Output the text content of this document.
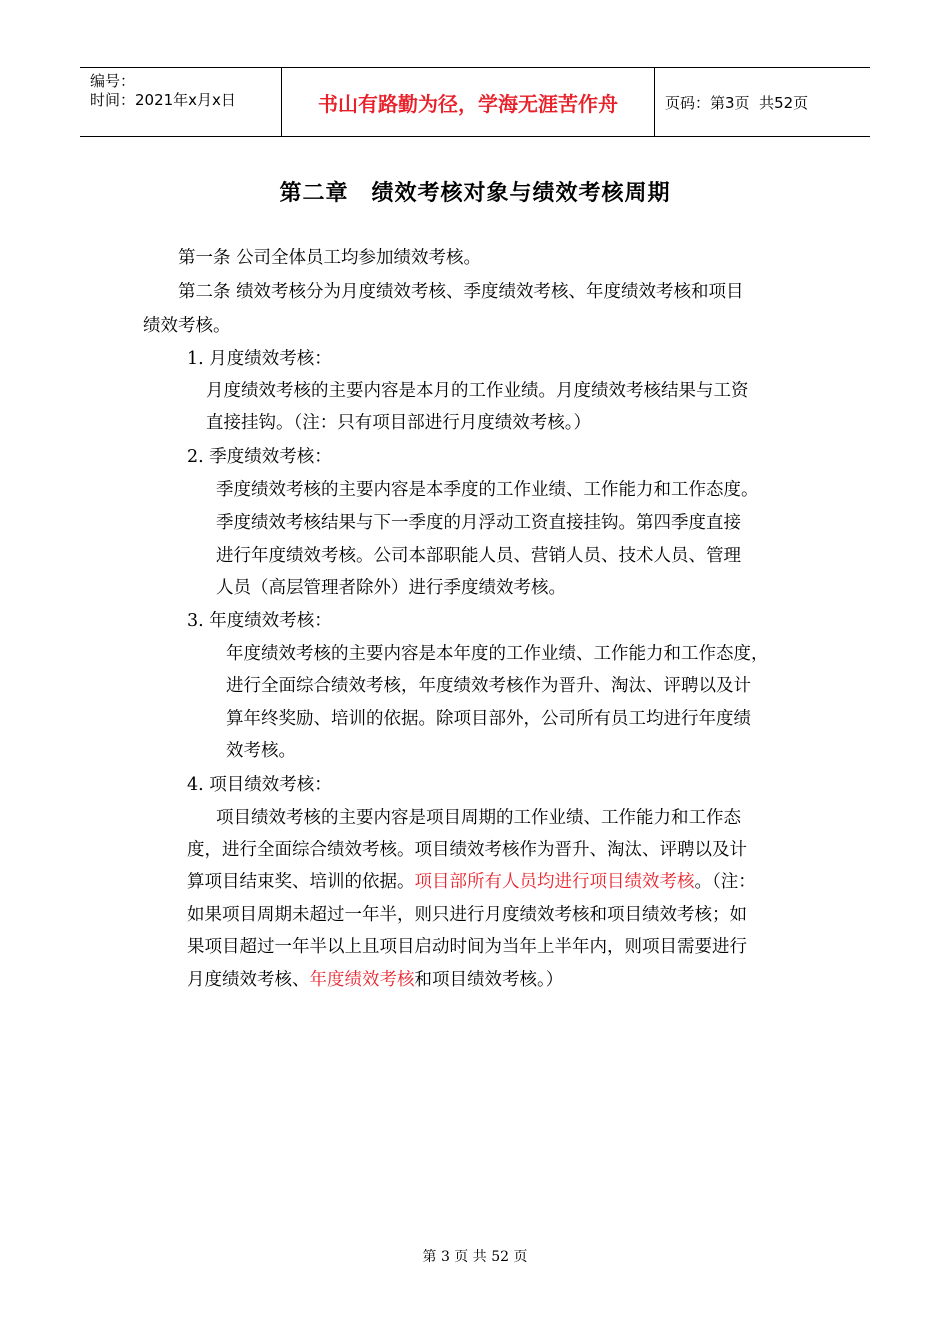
编号：
时间：2021年x月x日	书山有路勤为径，学海无涯苦作舟	页码：第3页  共52页
第二章　绩效考核对象与绩效考核周期
第一条 公司全体员工均参加绩效考核。
第二条 绩效考核分为月度绩效考核、季度绩效考核、年度绩效考核和项目
绩效考核。
1. 月度绩效考核：
月度绩效考核的主要内容是本月的工作业绩。月度绩效考核结果与工资
直接挂钩。（注：只有项目部进行月度绩效考核。）
2. 季度绩效考核：
季度绩效考核的主要内容是本季度的工作业绩、工作能力和工作态度。
季度绩效考核结果与下一季度的月浮动工资直接挂钩。第四季度直接
进行年度绩效考核。公司本部职能人员、营销人员、技术人员、管理
人员（高层管理者除外）进行季度绩效考核。
3. 年度绩效考核：
年度绩效考核的主要内容是本年度的工作业绩、工作能力和工作态度，
进行全面综合绩效考核，年度绩效考核作为晋升、淘汰、评聘以及计
算年终奖励、培训的依据。除项目部外，公司所有员工均进行年度绩
效考核。
4. 项目绩效考核：
项目绩效考核的主要内容是项目周期的工作业绩、工作能力和工作态
度，进行全面综合绩效考核。项目绩效考核作为晋升、淘汰、评聘以及计
算项目结束奖、培训的依据。项目部所有人员均进行项目绩效考核。（注：
如果项目周期未超过一年半，则只进行月度绩效考核和项目绩效考核；如
果项目超过一年半以上且项目启动时间为当年上半年内，则项目需要进行
月度绩效考核、年度绩效考核和项目绩效考核。）
第 3 页 共 52 页
